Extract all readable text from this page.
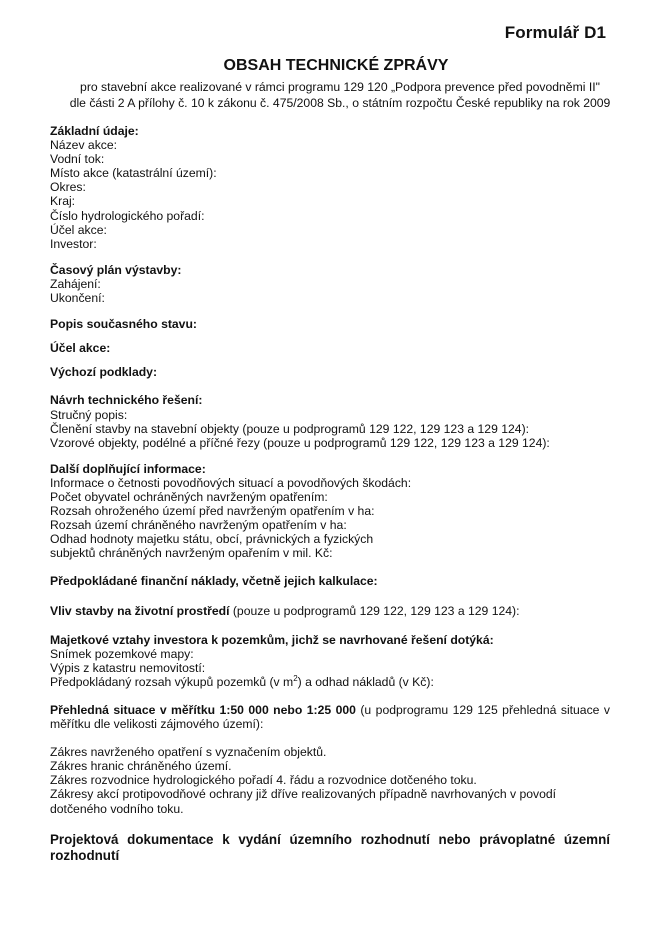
Formulář D1
OBSAH TECHNICKÉ ZPRÁVY
pro stavební akce realizované v rámci programu 129 120 „Podpora prevence před povodněmi II"
dle části 2 A přílohy č. 10 k zákonu č. 475/2008 Sb., o státním rozpočtu České republiky na rok 2009
Základní údaje:
Název akce:
Vodní tok:
Místo akce (katastrální území):
Okres:
Kraj:
Číslo hydrologického pořadí:
Účel akce:
Investor:
Časový plán výstavby:
Zahájení:
Ukončení:
Popis současného stavu:
Účel akce:
Výchozí podklady:
Návrh technického řešení:
Stručný popis:
Členění stavby na stavební objekty (pouze u podprogramů 129 122, 129 123 a 129 124):
Vzorové objekty, podélné a příčné řezy (pouze u podprogramů 129 122, 129 123 a 129 124):
Další doplňující informace:
Informace o četnosti povodňových situací a povodňových škodách:
Počet obyvatel ochráněných navrženým opatřením:
Rozsah ohroženého území před navrženým opatřením v ha:
Rozsah území chráněného navrženým opatřením v ha:
Odhad hodnoty majetku státu, obcí, právnických a fyzických
subjektů chráněných navrženým opařením v mil. Kč:
Předpokládané finanční náklady, včetně jejich kalkulace:
Vliv stavby na životní prostředí (pouze u podprogramů 129 122, 129 123 a 129 124):
Majetkové vztahy investora k pozemkům, jichž se navrhované řešení dotýká:
Snímek pozemkové mapy:
Výpis z katastru nemovitostí:
Předpokládaný rozsah výkupů pozemků (v $m^2$) a odhad nákladů (v Kč):
Přehledná situace v měřítku 1:50 000 nebo 1:25 000 (u podprogramu 129 125 přehledná situace v měřítku dle velikosti zájmového území):
Zákres navrženého opatření s vyznačením objektů.
Zákres hranic chráněného území.
Zákres rozvodnice hydrologického pořadí 4. řádu a rozvodnice dotčeného toku.
Zákresy akcí protipovodňové ochrany již dříve realizovaných případně navrhovaných v povodí dotčeného vodního toku.
Projektová dokumentace k vydání územního rozhodnutí nebo právoplatné územní rozhodnutí
